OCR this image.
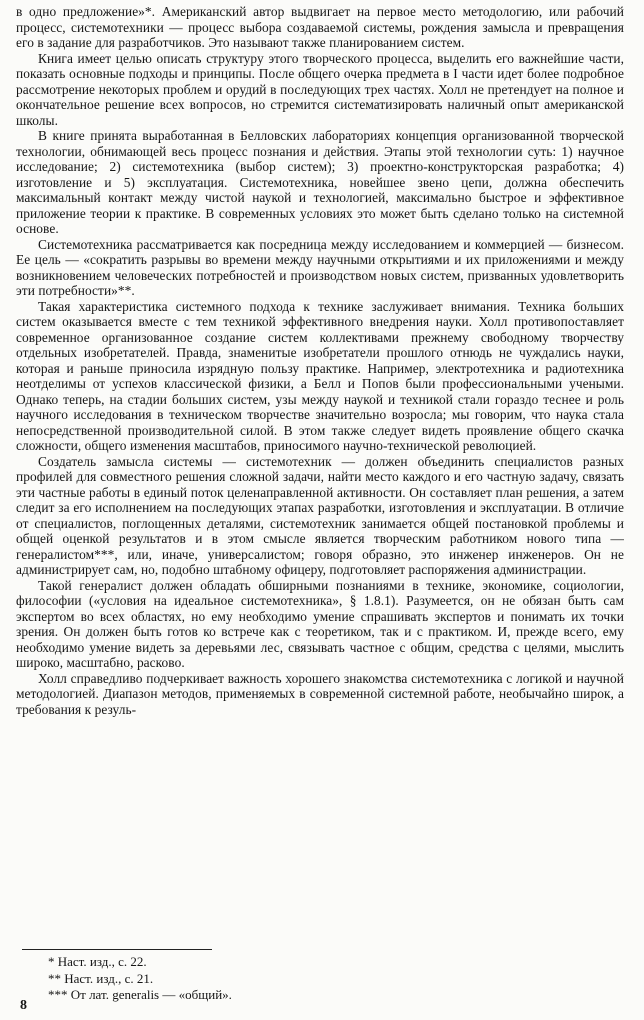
в одно предложение»*. Американский автор выдвигает на первое место методологию, или рабочий процесс, системотехники — процесс выбора создаваемой системы, рождения замысла и превращения его в задание для разработчиков. Это называют также планированием систем.

Книга имеет целью описать структуру этого творческого процесса, выделить его важнейшие части, показать основные подходы и принципы. После общего очерка предмета в I части идет более подробное рассмотрение некоторых проблем и орудий в последующих трех частях. Холл не претендует на полное и окончательное решение всех вопросов, но стремится систематизировать наличный опыт американской школы.

В книге принята выработанная в Белловских лабораториях концепция организованной творческой технологии, обнимающей весь процесс познания и действия. Этапы этой технологии суть: 1) научное исследование; 2) системотехника (выбор систем); 3) проектно-конструкторская разработка; 4) изготовление и 5) эксплуатация. Системотехника, новейшее звено цепи, должна обеспечить максимальный контакт между чистой наукой и технологией, максимально быстрое и эффективное приложение теории к практике. В современных условиях это может быть сделано только на системной основе.

Системотехника рассматривается как посредница между исследованием и коммерцией — бизнесом. Ее цель — «сократить разрывы во времени между научными открытиями и их приложениями и между возникновением человеческих потребностей и производством новых систем, призванных удовлетворить эти потребности»**.

Такая характеристика системного подхода к технике заслуживает внимания. Техника больших систем оказывается вместе с тем техникой эффективного внедрения науки. Холл противопоставляет современное организованное создание систем коллективами прежнему свободному творчеству отдельных изобретателей. Правда, знаменитые изобретатели прошлого отнюдь не чуждались науки, которая и раньше приносила изрядную пользу практике. Например, электротехника и радиотехника неотделимы от успехов классической физики, а Белл и Попов были профессиональными учеными. Однако теперь, на стадии больших систем, узы между наукой и техникой стали гораздо теснее и роль научного исследования в техническом творчестве значительно возросла; мы говорим, что наука стала непосредственной производительной силой. В этом также следует видеть проявление общего скачка сложности, общего изменения масштабов, приносимого научно-технической революцией.

Создатель замысла системы — системотехник — должен объединить специалистов разных профилей для совместного решения сложной задачи, найти место каждого и его частную задачу, связать эти частные работы в единый поток целенаправленной активности. Он составляет план решения, а затем следит за его исполнением на последующих этапах разработки, изготовления и эксплуатации. В отличие от специалистов, поглощенных деталями, системотехник занимается общей постановкой проблемы и общей оценкой результатов и в этом смысле является творческим работником нового типа — генералистом***, или, иначе, универсалистом; говоря образно, это инженер инженеров. Он не администрирует сам, но, подобно штабному офицеру, подготовляет распоряжения администрации.

Такой генералист должен обладать обширными познаниями в технике, экономике, социологии, философии («условия на идеальное системотехника», § 1.8.1). Разумеется, он не обязан быть сам экспертом во всех областях, но ему необходимо умение спрашивать экспертов и понимать их точки зрения. Он должен быть готов ко встрече как с теоретиком, так и с практиком. И, прежде всего, ему необходимо умение видеть за деревьями лес, связывать частное с общим, средства с целями, мыслить широко, масштабно, расково.

Холл справедливо подчеркивает важность хорошего знакомства системотехника с логикой и научной методологией. Диапазон методов, применяемых в современной системной работе, необычайно широк, а требования к резуль-

* Наст. изд., с. 22.
** Наст. изд., с. 21.
*** От лат. generalis — «общий».
8
